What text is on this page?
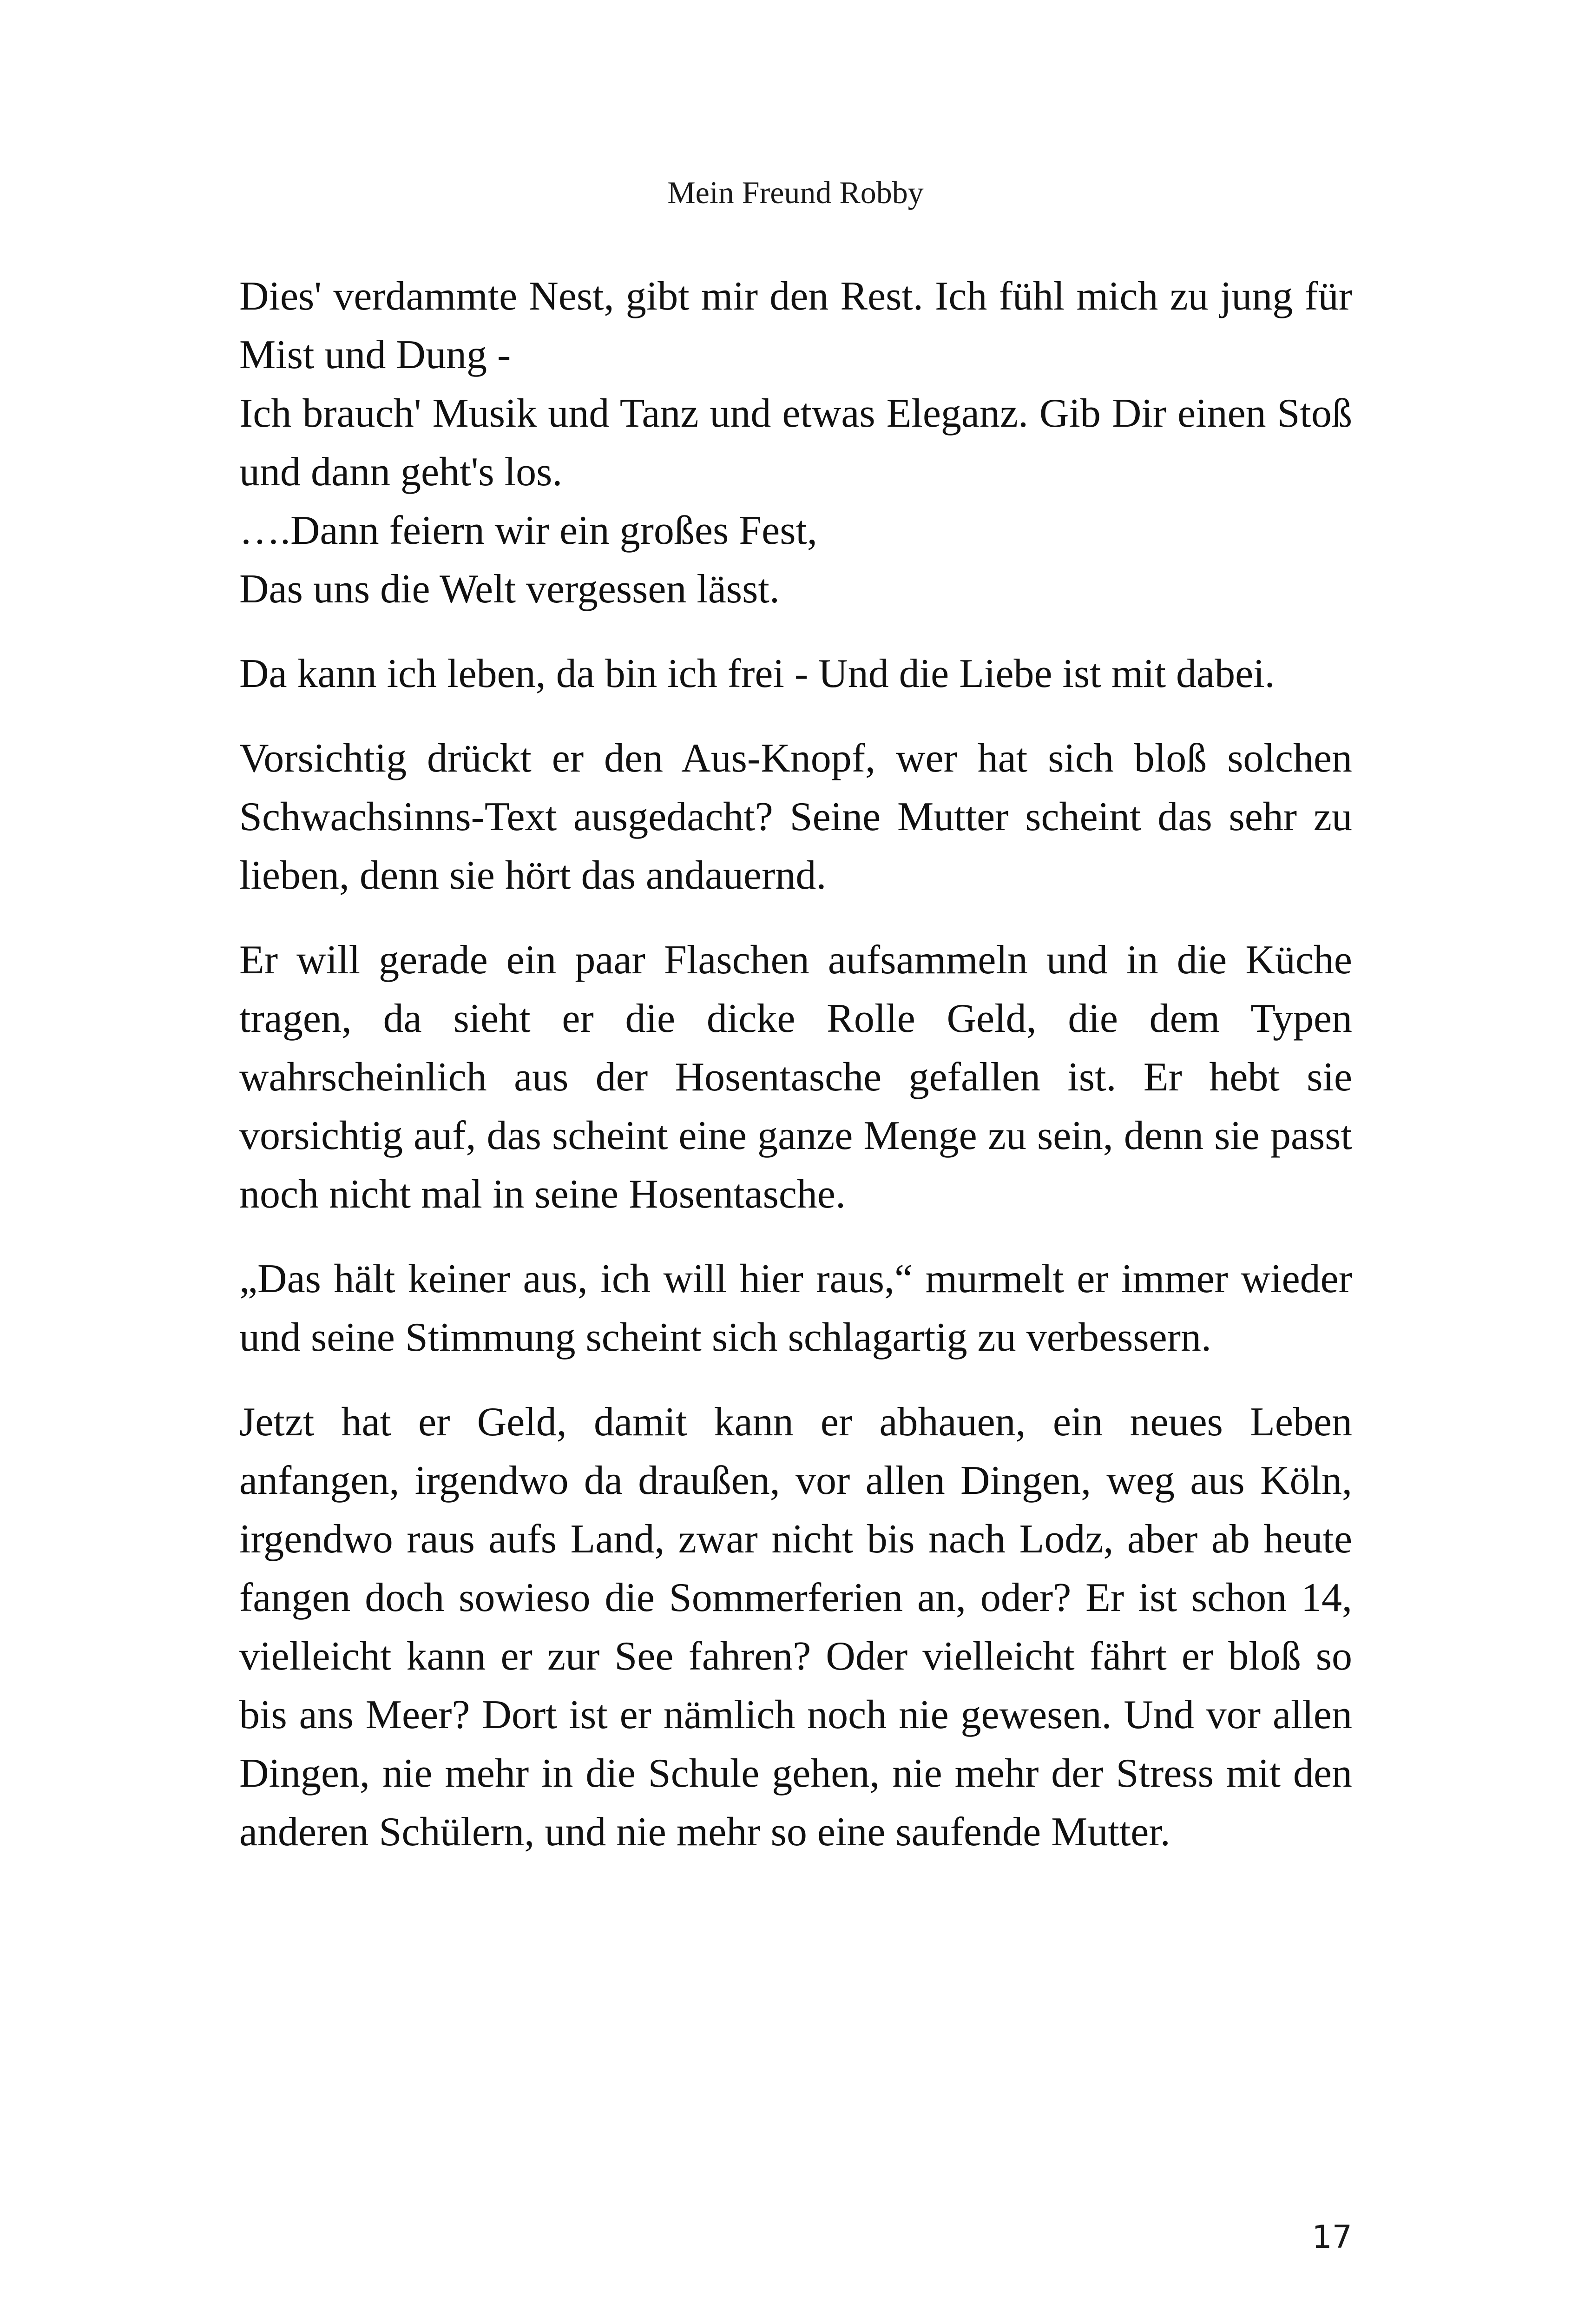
Mein Freund Robby
Dies' verdammte Nest, gibt mir den Rest. Ich fühl mich zu jung für Mist und Dung -
Ich brauch' Musik und Tanz und etwas Eleganz. Gib Dir einen Stoß und dann geht's los.
….Dann feiern wir ein großes Fest,
Das uns die Welt vergessen lässt.

Da kann ich leben, da bin ich frei - Und die Liebe ist mit dabei.

Vorsichtig drückt er den Aus-Knopf, wer hat sich bloß solchen Schwachsinns-Text ausgedacht? Seine Mutter scheint das sehr zu lieben, denn sie hört das andauernd.

Er will gerade ein paar Flaschen aufsammeln und in die Küche tragen, da sieht er die dicke Rolle Geld, die dem Typen wahrscheinlich aus der Hosentasche gefallen ist. Er hebt sie vorsichtig auf, das scheint eine ganze Menge zu sein, denn sie passt noch nicht mal in seine Hosentasche.

„Das hält keiner aus, ich will hier raus,“ murmelt er immer wieder und seine Stimmung scheint sich schlagartig zu verbessern.

Jetzt hat er Geld, damit kann er abhauen, ein neues Leben anfangen, irgendwo da draußen, vor allen Dingen, weg aus Köln, irgendwo raus aufs Land, zwar nicht bis nach Lodz, aber ab heute fangen doch sowieso die Sommerferien an, oder? Er ist schon 14, vielleicht kann er zur See fahren? Oder vielleicht fährt er bloß so bis ans Meer? Dort ist er nämlich noch nie gewesen. Und vor allen Dingen, nie mehr in die Schule gehen, nie mehr der Stress mit den anderen Schülern, und nie mehr so eine saufende Mutter.

17
